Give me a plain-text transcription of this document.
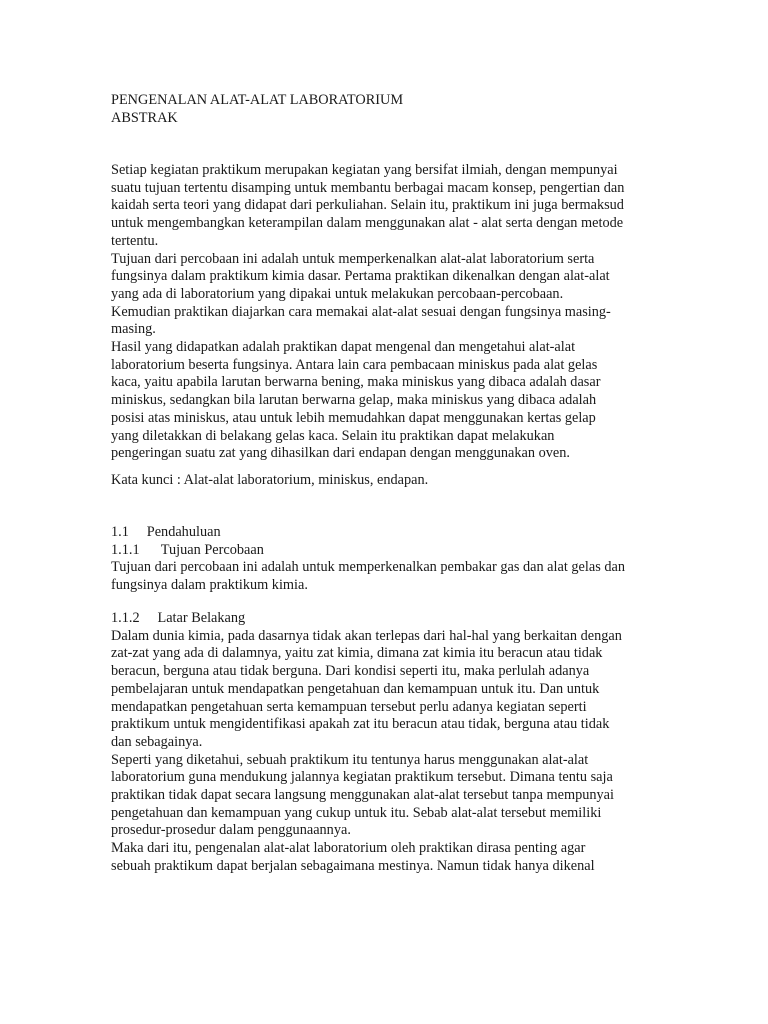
PENGENALAN ALAT-ALAT LABORATORIUM
ABSTRAK
Setiap kegiatan praktikum merupakan kegiatan yang bersifat ilmiah, dengan mempunyai
suatu tujuan tertentu disamping untuk membantu berbagai macam konsep, pengertian dan
kaidah serta teori yang didapat dari perkuliahan. Selain itu, praktikum ini juga bermaksud
untuk mengembangkan keterampilan dalam menggunakan alat - alat serta dengan metode
tertentu.
Tujuan dari percobaan ini adalah untuk memperkenalkan alat-alat laboratorium serta
fungsinya dalam praktikum kimia dasar. Pertama praktikan dikenalkan dengan alat-alat
yang ada di laboratorium yang dipakai untuk melakukan percobaan-percobaan.
Kemudian praktikan diajarkan cara memakai alat-alat sesuai dengan fungsinya masing-
masing.
Hasil yang didapatkan adalah praktikan dapat mengenal dan mengetahui alat-alat
laboratorium beserta fungsinya. Antara lain cara pembacaan miniskus pada alat gelas
kaca, yaitu apabila larutan berwarna bening, maka miniskus yang dibaca adalah dasar
miniskus, sedangkan bila larutan berwarna gelap, maka miniskus yang dibaca adalah
posisi atas miniskus, atau untuk lebih memudahkan dapat menggunakan kertas gelap
yang diletakkan di belakang gelas kaca. Selain itu praktikan dapat melakukan
pengeringan suatu zat yang dihasilkan dari endapan dengan menggunakan oven.
Kata kunci : Alat-alat laboratorium, miniskus, endapan.
1.1     Pendahuluan
1.1.1      Tujuan Percobaan
Tujuan dari percobaan ini adalah untuk memperkenalkan pembakar gas dan alat gelas dan
fungsinya dalam praktikum kimia.
1.1.2     Latar Belakang
Dalam dunia kimia, pada dasarnya tidak akan terlepas dari hal-hal yang berkaitan dengan
zat-zat yang ada di dalamnya, yaitu zat kimia, dimana zat kimia itu beracun atau tidak
beracun, berguna atau tidak berguna. Dari kondisi seperti itu, maka perlulah adanya
pembelajaran untuk mendapatkan pengetahuan dan kemampuan untuk itu. Dan untuk
mendapatkan pengetahuan serta kemampuan tersebut perlu adanya kegiatan seperti
praktikum untuk mengidentifikasi apakah zat itu beracun atau tidak, berguna atau tidak
dan sebagainya.
Seperti yang diketahui, sebuah praktikum itu tentunya harus menggunakan alat-alat
laboratorium guna mendukung jalannya kegiatan praktikum tersebut. Dimana tentu saja
praktikan tidak dapat secara langsung menggunakan alat-alat tersebut tanpa mempunyai
pengetahuan dan kemampuan yang cukup untuk itu. Sebab alat-alat tersebut memiliki
prosedur-prosedur dalam penggunaannya.
Maka dari itu, pengenalan alat-alat laboratorium oleh praktikan dirasa penting agar
sebuah praktikum dapat berjalan sebagaimana mestinya. Namun tidak hanya dikenal
